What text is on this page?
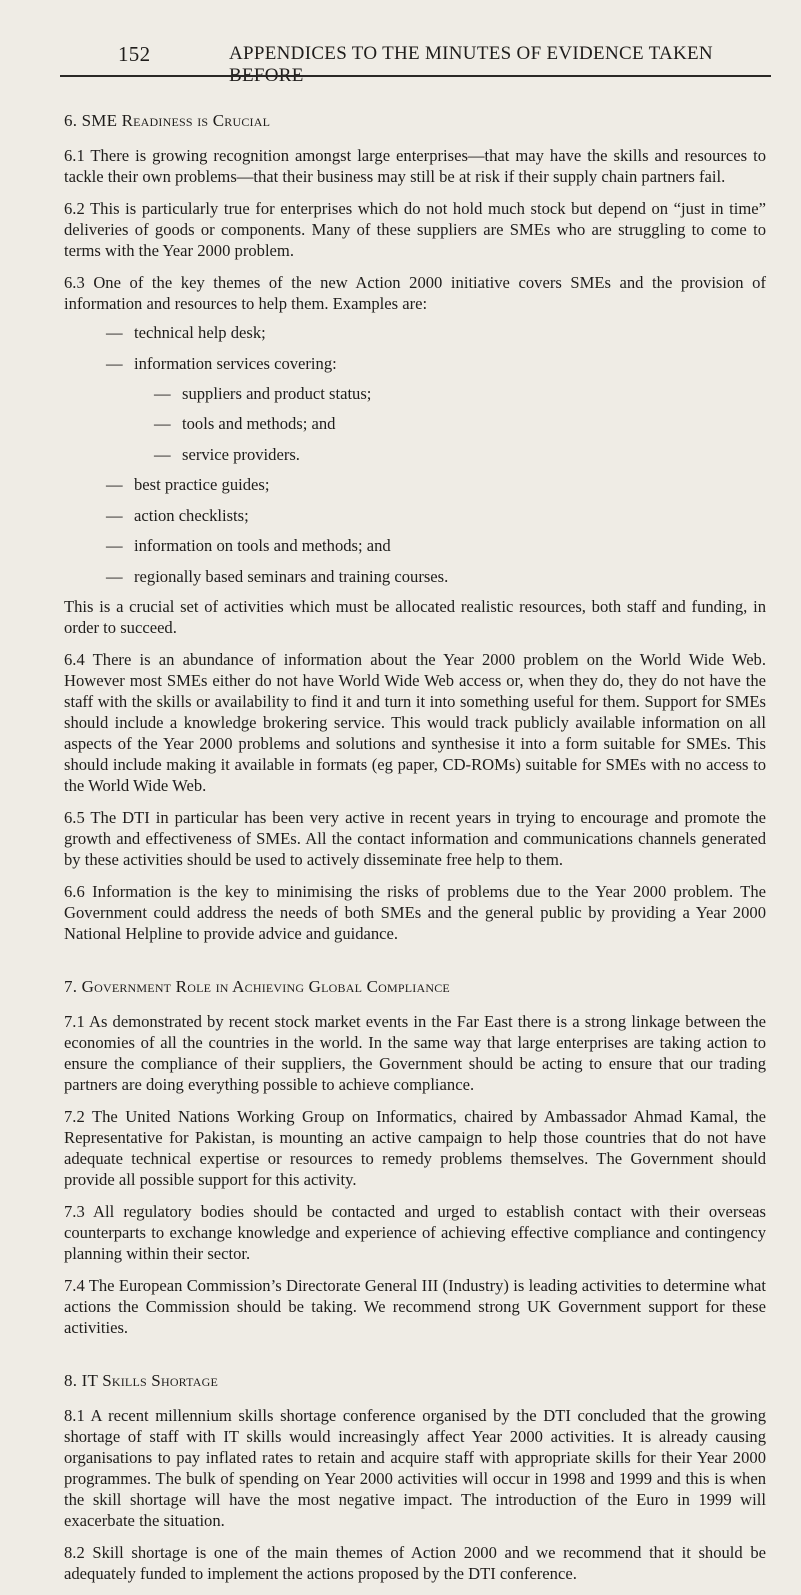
152	APPENDICES TO THE MINUTES OF EVIDENCE TAKEN BEFORE
6. SME Readiness is Crucial

6.1 There is growing recognition amongst large enterprises—that may have the skills and resources to tackle their own problems—that their business may still be at risk if their supply chain partners fail.

6.2 This is particularly true for enterprises which do not hold much stock but depend on “just in time” deliveries of goods or components. Many of these suppliers are SMEs who are struggling to come to terms with the Year 2000 problem.

6.3 One of the key themes of the new Action 2000 initiative covers SMEs and the provision of information and resources to help them. Examples are:

— technical help desk;
— information services covering:
— suppliers and product status;
— tools and methods; and
— service providers.
— best practice guides;
— action checklists;
— information on tools and methods; and
— regionally based seminars and training courses.

This is a crucial set of activities which must be allocated realistic resources, both staff and funding, in order to succeed.

6.4 There is an abundance of information about the Year 2000 problem on the World Wide Web. However most SMEs either do not have World Wide Web access or, when they do, they do not have the staff with the skills or availability to find it and turn it into something useful for them. Support for SMEs should include a knowledge brokering service. This would track publicly available information on all aspects of the Year 2000 problems and solutions and synthesise it into a form suitable for SMEs. This should include making it available in formats (eg paper, CD-ROMs) suitable for SMEs with no access to the World Wide Web.

6.5 The DTI in particular has been very active in recent years in trying to encourage and promote the growth and effectiveness of SMEs. All the contact information and communications channels generated by these activities should be used to actively disseminate free help to them.

6.6 Information is the key to minimising the risks of problems due to the Year 2000 problem. The Government could address the needs of both SMEs and the general public by providing a Year 2000 National Helpline to provide advice and guidance.

7. Government Role in Achieving Global Compliance

7.1 As demonstrated by recent stock market events in the Far East there is a strong linkage between the economies of all the countries in the world. In the same way that large enterprises are taking action to ensure the compliance of their suppliers, the Government should be acting to ensure that our trading partners are doing everything possible to achieve compliance.

7.2 The United Nations Working Group on Informatics, chaired by Ambassador Ahmad Kamal, the Representative for Pakistan, is mounting an active campaign to help those countries that do not have adequate technical expertise or resources to remedy problems themselves. The Government should provide all possible support for this activity.

7.3 All regulatory bodies should be contacted and urged to establish contact with their overseas counterparts to exchange knowledge and experience of achieving effective compliance and contingency planning within their sector.

7.4 The European Commission’s Directorate General III (Industry) is leading activities to determine what actions the Commission should be taking. We recommend strong UK Government support for these activities.

8. IT Skills Shortage

8.1 A recent millennium skills shortage conference organised by the DTI concluded that the growing shortage of staff with IT skills would increasingly affect Year 2000 activities. It is already causing organisations to pay inflated rates to retain and acquire staff with appropriate skills for their Year 2000 programmes. The bulk of spending on Year 2000 activities will occur in 1998 and 1999 and this is when the skill shortage will have the most negative impact. The introduction of the Euro in 1999 will exacerbate the situation.

8.2 Skill shortage is one of the main themes of Action 2000 and we recommend that it should be adequately funded to implement the actions proposed by the DTI conference.
